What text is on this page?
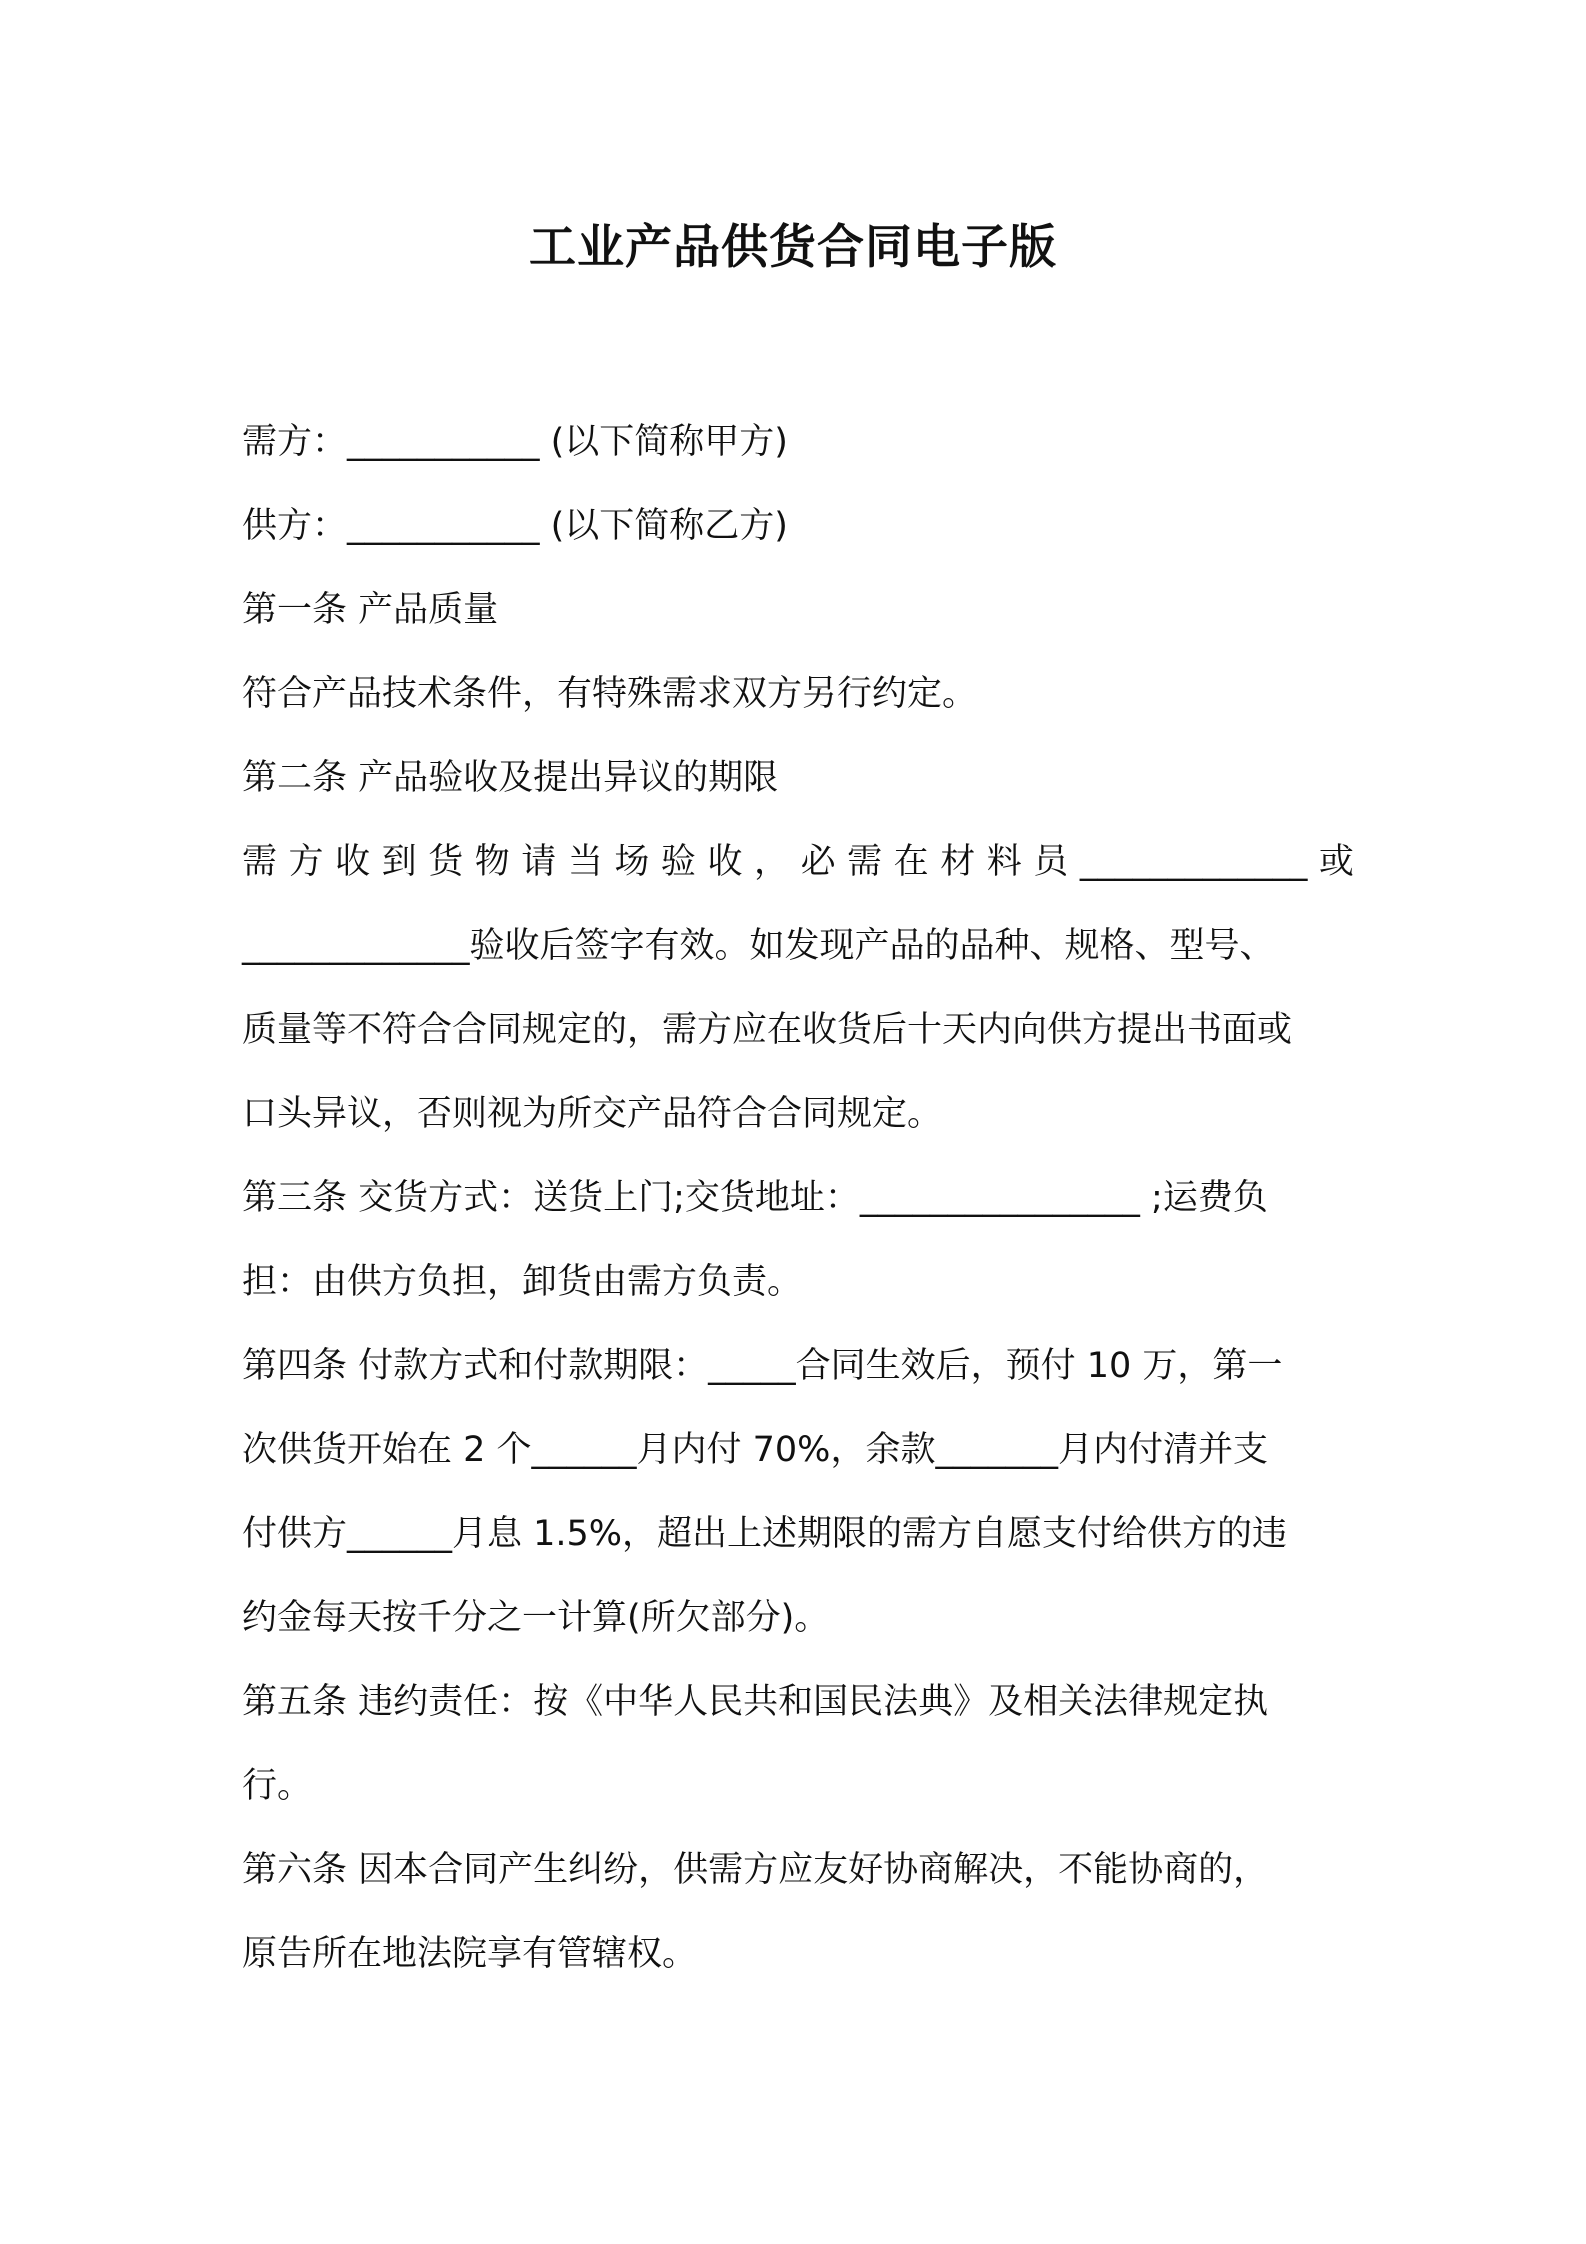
工业产品供货合同电子版
需方：___________ (以下简称甲方)
供方：___________ (以下简称乙方)
第一条 产品质量
符合产品技术条件，有特殊需求双方另行约定。
第二条 产品验收及提出异议的期限
需 方 收 到 货 物 请 当 场 验 收 ， 必 需 在 材 料 员 _____________ 或
_____________验收后签字有效。如发现产品的品种、规格、型号、
质量等不符合合同规定的，需方应在收货后十天内向供方提出书面或
口头异议，否则视为所交产品符合合同规定。
第三条 交货方式：送货上门;交货地址：________________ ;运费负
担：由供方负担，卸货由需方负责。
第四条 付款方式和付款期限：_____合同生效后，预付 10 万，第一
次供货开始在 2 个______月内付 70%，余款_______月内付清并支
付供方______月息 1.5%，超出上述期限的需方自愿支付给供方的违
约金每天按千分之一计算(所欠部分)。
第五条 违约责任：按《中华人民共和国民法典》及相关法律规定执
行。
第六条 因本合同产生纠纷，供需方应友好协商解决，不能协商的，
原告所在地法院享有管辖权。
